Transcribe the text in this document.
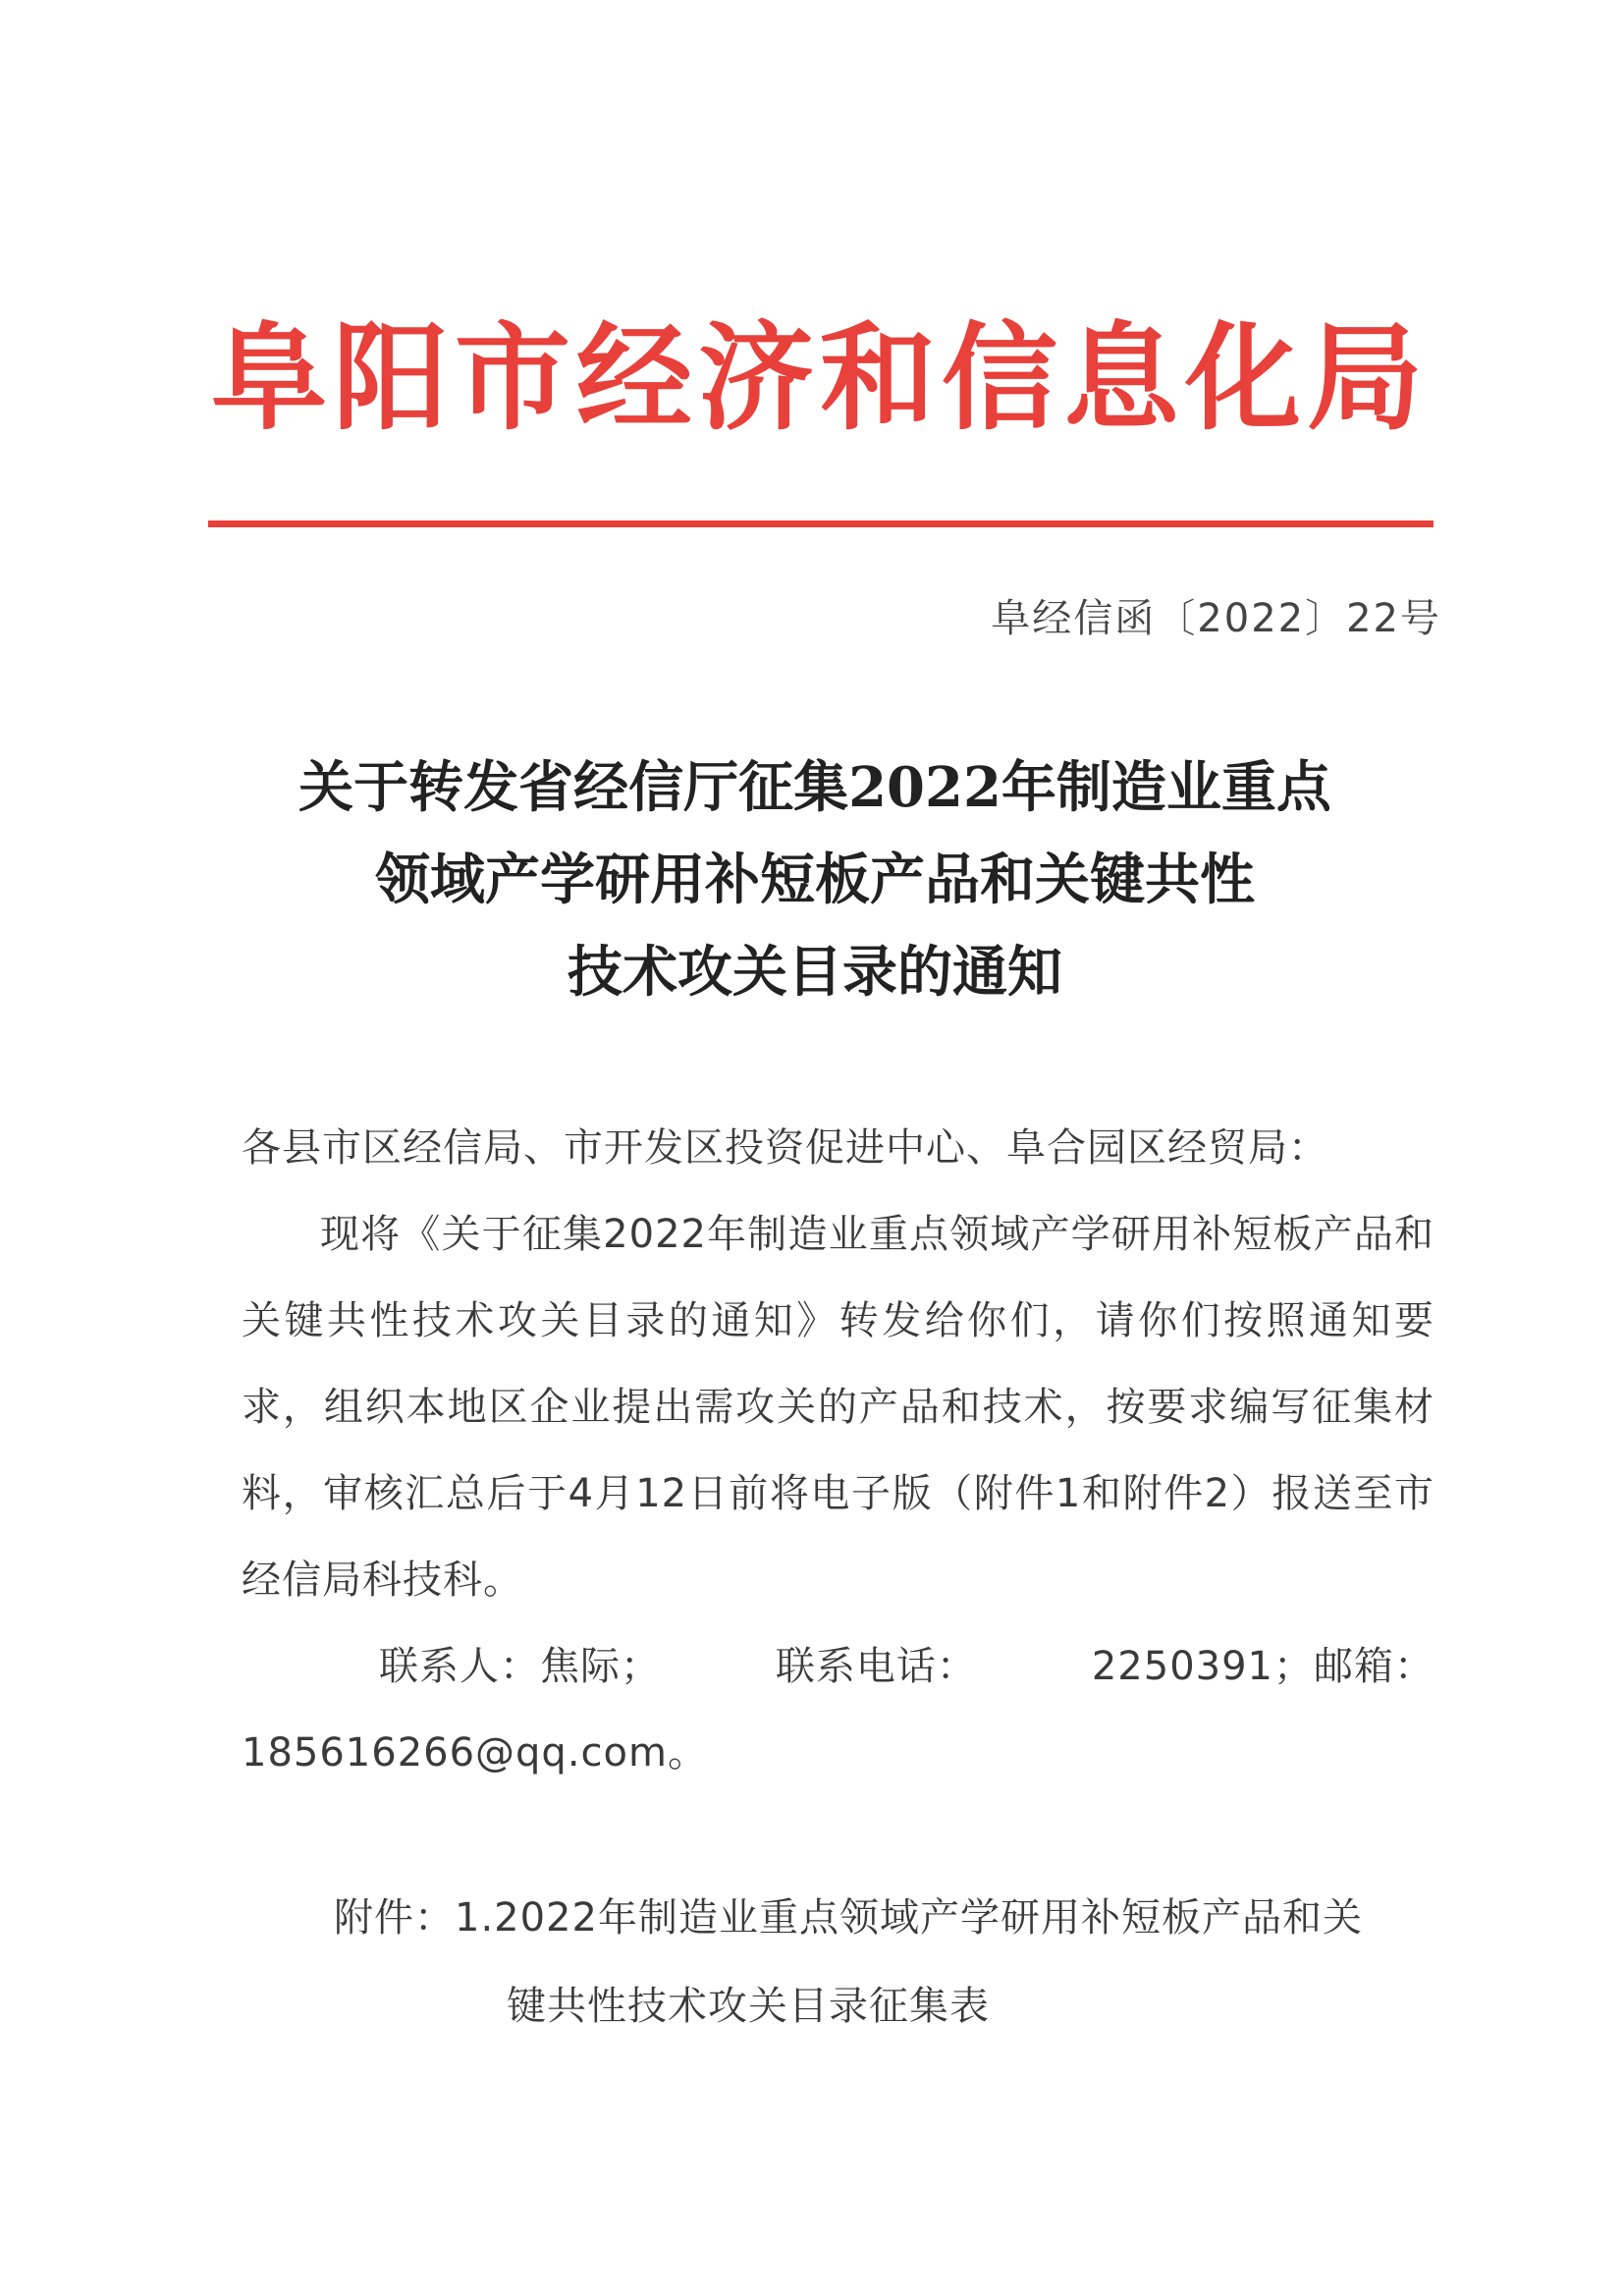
阜阳市经济和信息化局
阜经信函〔2022〕22号
关于转发省经信厅征集2022年制造业重点
领域产学研用补短板产品和关键共性
技术攻关目录的通知

各县市区经信局、市开发区投资促进中心、阜合园区经贸局：

现将《关于征集2022年制造业重点领域产学研用补短板产品和关键共性技术攻关目录的通知》转发给你们，请你们按照通知要求，组织本地区企业提出需攻关的产品和技术，按要求编写征集材料，审核汇总后于4月12日前将电子版（附件1和附件2）报送至市经信局科技科。

联系人：焦际；	联系电话：	2250391；邮箱：

185616266@qq.com。

附件：1.2022年制造业重点领域产学研用补短板产品和关
键共性技术攻关目录征集表
